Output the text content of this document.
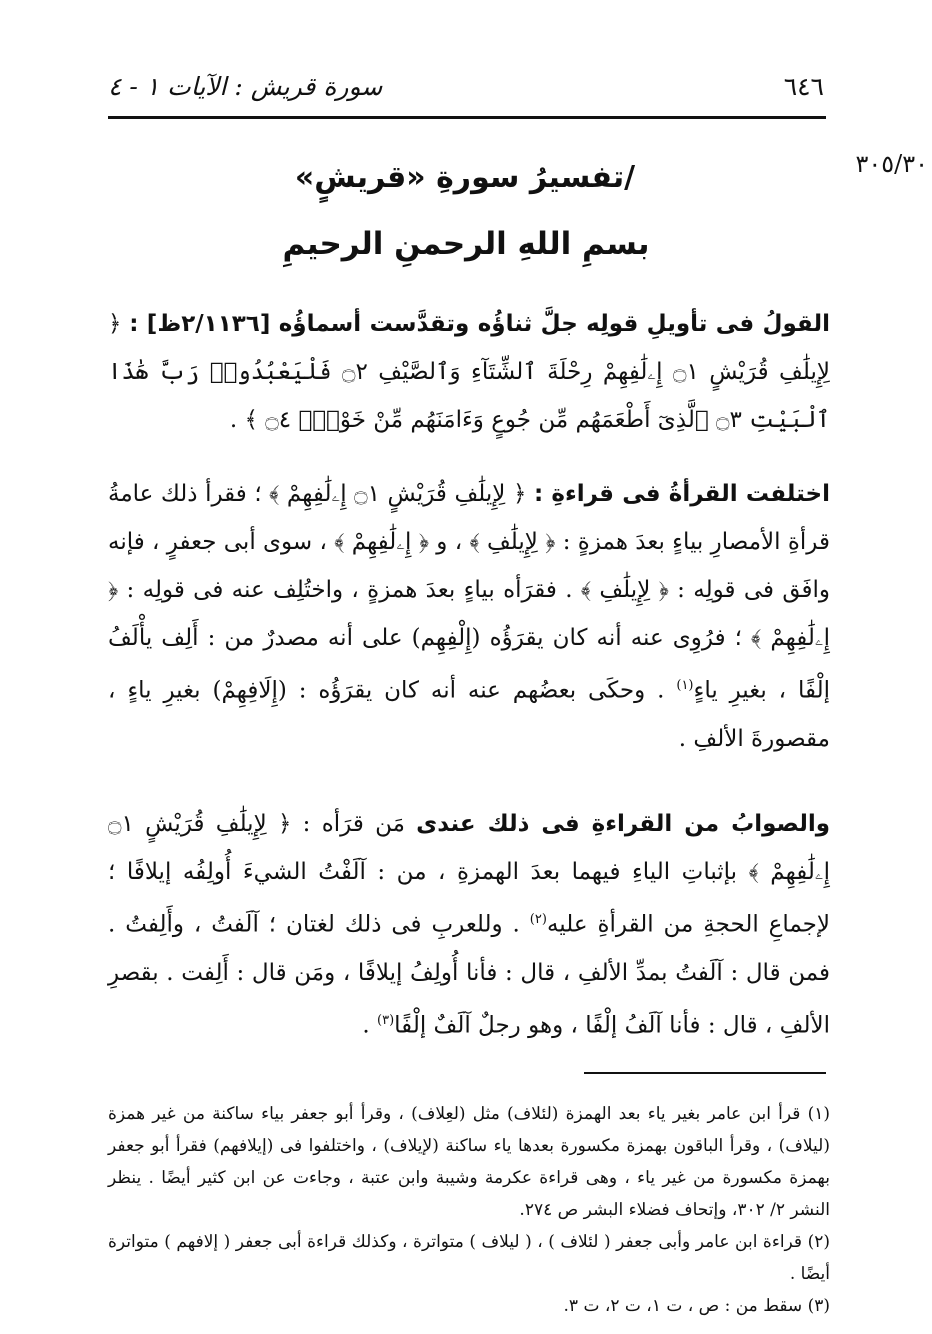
سورة قريش : الآيات ١ - ٤	٦٤٦
٣٠٥/٣٠
/تفسيرُ سورةِ «قريشٍ»
بسمِ اللهِ الرحمنِ الرحيمِ
القولُ فى تأويلِ قولِه جلَّ ثناؤُه وتقدَّست أسماؤُه [٢/١١٣٦ظ] : ﴿ لِإِيلَٰفِ قُرَيْشٍ ۝١ إِۦلَٰفِهِمْ رِحْلَةَ ٱلشِّتَآءِ وَٱلصَّيْفِ ۝٢ فَلْيَعْبُدُوا۟ رَبَّ هَٰذَا ٱلْبَيْتِ ۝٣ ٱلَّذِىٓ أَطْعَمَهُم مِّن جُوعٍ وَءَامَنَهُم مِّنْ خَوْفٍۭ ۝٤ ﴾ .
اختلفت القرأةُ فى قراءةِ : ﴿ لِإِيلَٰفِ قُرَيْشٍ ۝١ إِۦلَٰفِهِمْ ﴾ ؛ فقرأ ذلك عامةُ قرأةِ الأمصارِ بياءٍ بعدَ همزةٍ : ﴿ لِإِيلَٰفِ ﴾ ، و ﴿ إِۦلَٰفِهِمْ ﴾ ، سوى أبى جعفرٍ ، فإنه وافَق فى قولِه : ﴿ لِإِيلَٰفِ ﴾ . فقرَأه بياءٍ بعدَ همزةٍ ، واختُلِف عنه فى قولِه : ﴿ إِۦلَٰفِهِمْ ﴾ ؛ فرُوِى عنه أنه كان يقرَؤُه (إِلْفِهِم) على أنه مصدرٌ من : أَلِف يأْلَفُ إلْفًا ، بغيرِ ياءٍ$^{(١)}$ . وحكَى بعضُهم عنه أنه كان يقرَؤُه : (إِلَافِهِمْ) بغيرِ ياءٍ ، مقصورةَ الألفِ .
والصوابُ من القراءةِ فى ذلك عندى مَن قرَأه : ﴿ لِإِيلَٰفِ قُرَيْشٍ ۝١ إِۦلَٰفِهِمْ ﴾ بإثباتِ الياءِ فيهما بعدَ الهمزةِ ، من : آلَفْتُ الشيءَ أُولِفُه إيلافًا ؛ لإجماعِ الحجةِ من القرأةِ عليه$^{(٢)}$ . وللعربِ فى ذلك لغتان ؛ آلَفتُ ، وأَلِفتُ . فمن قال : آلَفتُ بمدِّ الألفِ ، قال : فأنا أُولِفُ إيلافًا ، ومَن قال : أَلِفت . بقصرِ الألفِ ، قال : فأنا آلَفُ إلْفًا ، وهو رجلٌ آلَفٌ إلْفًا$^{(٣)}$ .

(١) قرأ ابن عامر بغير ياء بعد الهمزة (لئلاف) مثل (لعِلاف) ، وقرأ أبو جعفر بياء ساكنة من غير همزة (ليلاف) ، وقرأ الباقون بهمزة مكسورة بعدها ياء ساكنة (لإيلاف) ، واختلفوا فى (إيلافهم) فقرأ أبو جعفر بهمزة مكسورة من غير ياء ، وهى قراءة عكرمة وشيبة وابن عتبة ، وجاءت عن ابن كثير أيضًا . ينظر النشر ٢/ ٣٠٢، وإتحاف فضلاء البشر ص ٢٧٤.

(٢) قراءة ابن عامر وأبى جعفر ( لئلاف ) ، ( ليلاف ) متواترة ، وكذلك قراءة أبى جعفر ( إلافهم ) متواترة أيضًا .

(٣) سقط من : ص ، ت ١، ت ٢، ت ٣.
